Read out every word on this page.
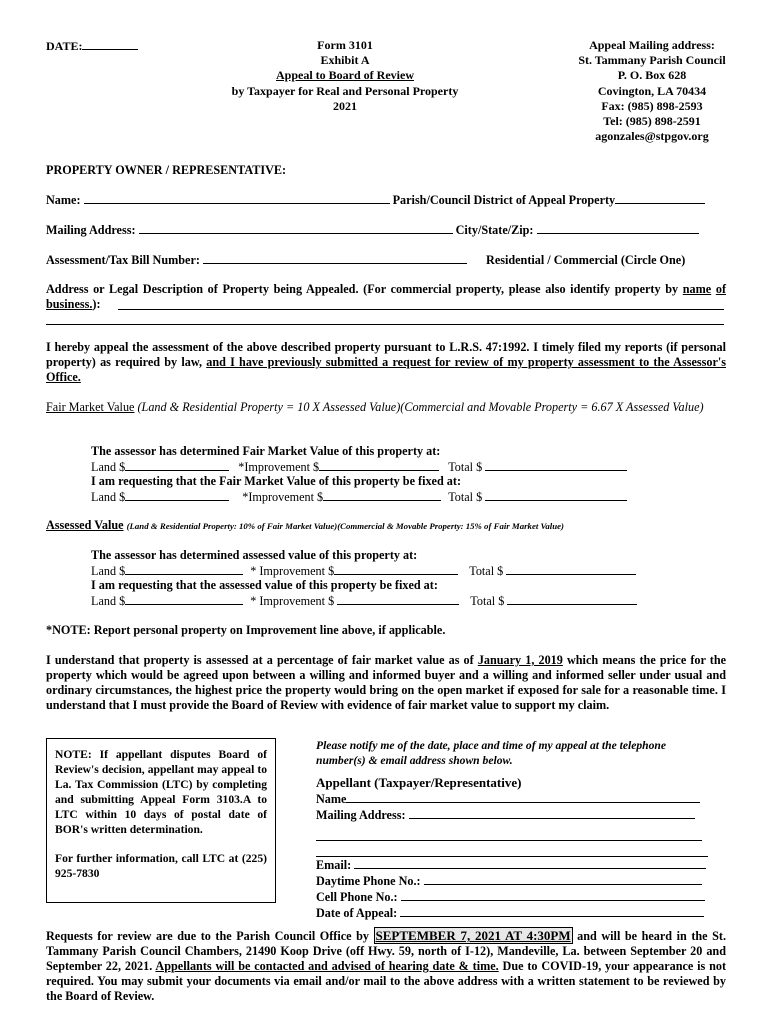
DATE:	Form 3101
Exhibit A
Appeal to Board of Review
by Taxpayer for Real and Personal Property
2021
Appeal Mailing address:
St. Tammany Parish Council
P. O. Box 628
Covington, LA 70434
Fax: (985) 898-2593
Tel: (985) 898-2591
agonzales@stpgov.org
PROPERTY OWNER / REPRESENTATIVE:
Name:	Parish/Council District of Appeal Property
Mailing Address:	City/State/Zip:
Assessment/Tax Bill Number:	Residential / Commercial (Circle One)
Address or Legal Description of Property being Appealed. (For commercial property, please also identify property by name of business.):
I hereby appeal the assessment of the above described property pursuant to L.R.S. 47:1992. I timely filed my reports (if personal property) as required by law, and I have previously submitted a request for review of my property assessment to the Assessor's Office.
Fair Market Value (Land & Residential Property = 10 X Assessed Value)(Commercial and Movable Property = 6.67 X Assessed Value)
The assessor has determined Fair Market Value of this property at:
Land $	*Improvement $	Total $
I am requesting that the Fair Market Value of this property be fixed at:
Land $	*Improvement $	Total $
Assessed Value (Land & Residential Property: 10% of Fair Market Value)(Commercial & Movable Property: 15% of Fair Market Value)
The assessor has determined assessed value of this property at:
Land $	* Improvement $	Total $
I am requesting that the assessed value of this property be fixed at:
Land $	* Improvement $	Total $
*NOTE: Report personal property on Improvement line above, if applicable.
I understand that property is assessed at a percentage of fair market value as of January 1, 2019 which means the price for the property which would be agreed upon between a willing and informed buyer and a willing and informed seller under usual and ordinary circumstances, the highest price the property would bring on the open market if exposed for sale for a reasonable time. I understand that I must provide the Board of Review with evidence of fair market value to support my claim.
NOTE: If appellant disputes Board of Review's decision, appellant may appeal to La. Tax Commission (LTC) by completing and submitting Appeal Form 3103.A to LTC within 10 days of postal date of BOR's written determination.
For further information, call LTC at (225) 925-7830
Please notify me of the date, place and time of my appeal at the telephone number(s) & email address shown below.
Appellant (Taxpayer/Representative)
Name
Mailing Address:
Email:
Daytime Phone No.:
Cell Phone No.:
Date of Appeal:
Requests for review are due to the Parish Council Office by SEPTEMBER 7, 2021 AT 4:30PM and will be heard in the St. Tammany Parish Council Chambers, 21490 Koop Drive (off Hwy. 59, north of I-12), Mandeville, La. between September 20 and September 22, 2021. Appellants will be contacted and advised of hearing date & time. Due to COVID-19, your appearance is not required. You may submit your documents via email and/or mail to the above address with a written statement to be reviewed by the Board of Review.
